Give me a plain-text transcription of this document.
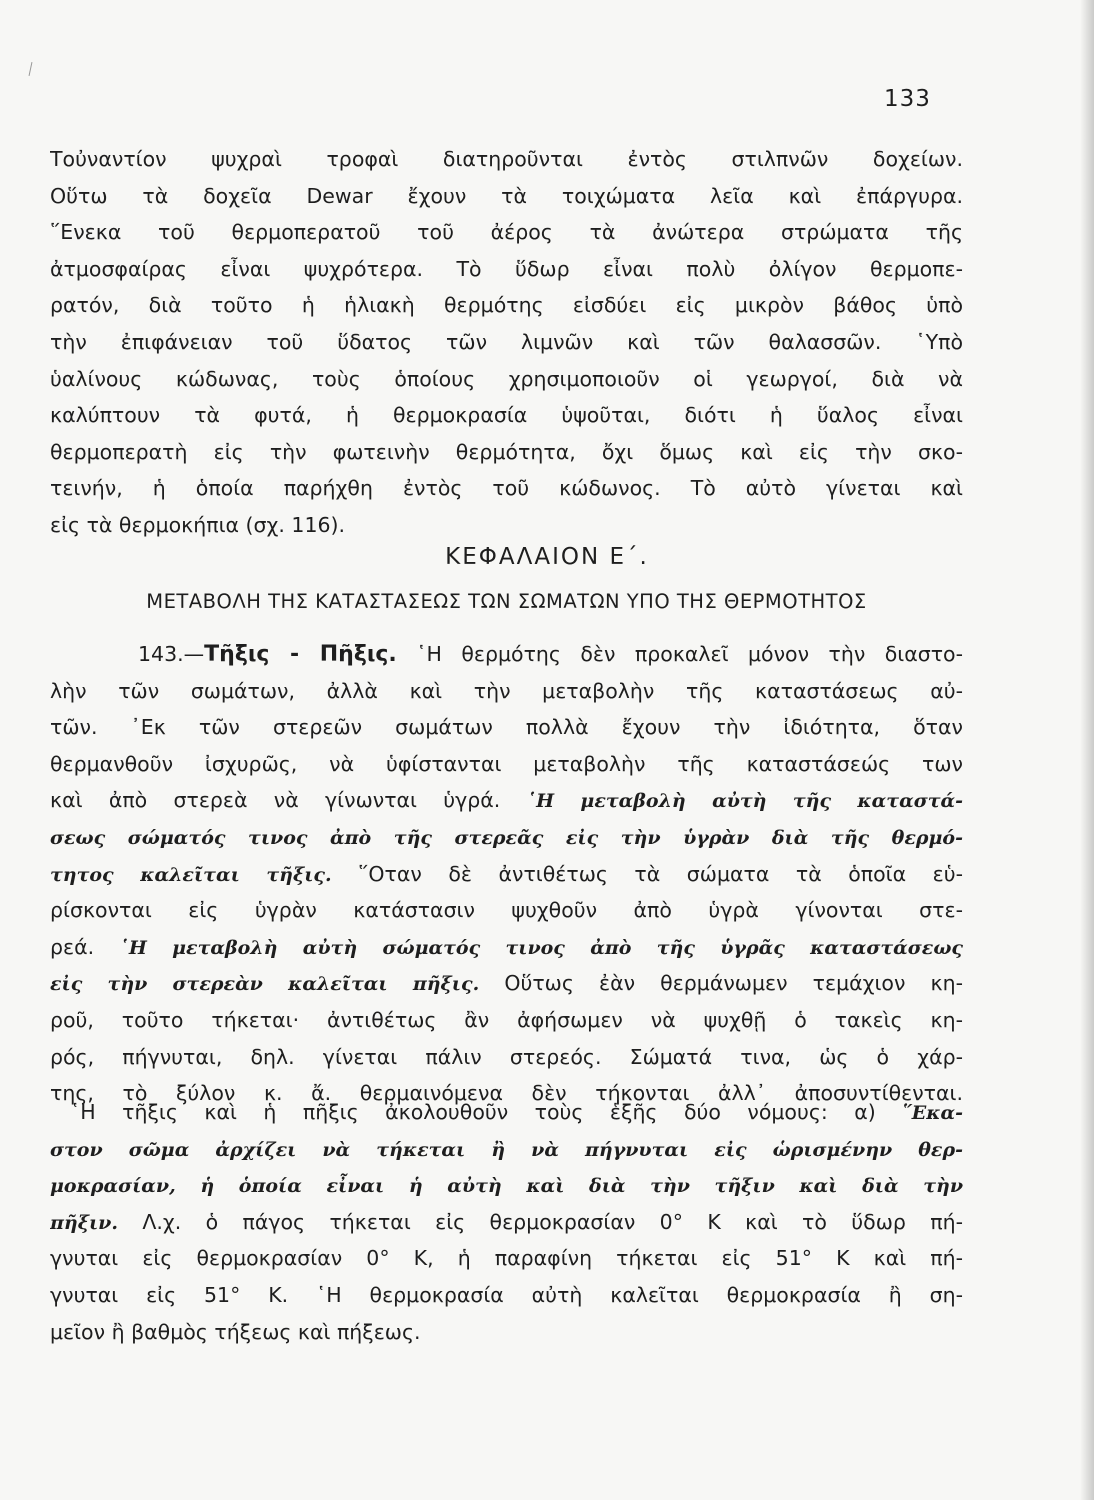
133
Τοὐναντίον ψυχραὶ τροφαὶ διατηροῦνται ἐντὸς στιλπνῶν δοχείων.
Οὕτω τὰ δοχεῖα Dewar ἔχουν τὰ τοιχώματα λεῖα καὶ ἐπάργυρα.
῞Ενεκα τοῦ θερμοπερατοῦ τοῦ ἀέρος τὰ ἀνώτερα στρώματα τῆς
ἀτμοσφαίρας εἶναι ψυχρότερα. Τὸ ὕδωρ εἶναι πολὺ ὀλίγον θερμοπε-
ρατόν, διὰ τοῦτο ἡ ἡλιακὴ θερμότης εἰσδύει εἰς μικρὸν βάθος ὑπὸ
τὴν ἐπιφάνειαν τοῦ ὕδατος τῶν λιμνῶν καὶ τῶν θαλασσῶν. ῾Υπὸ
ὑαλίνους κώδωνας, τοὺς ὁποίους χρησιμοποιοῦν οἱ γεωργοί, διὰ νὰ
καλύπτουν τὰ φυτά, ἡ θερμοκρασία ὑψοῦται, διότι ἡ ὕαλος εἶναι
θερμοπερατὴ εἰς τὴν φωτεινὴν θερμότητα, ὄχι ὅμως καὶ εἰς τὴν σκο-
τεινήν, ἡ ὁποία παρήχθη ἐντὸς τοῦ κώδωνος. Τὸ αὐτὸ γίνεται καὶ
εἰς τὰ θερμοκήπια (σχ. 116).
ΚΕΦΑΛΑΙΟΝ Ε΄.
ΜΕΤΑΒΟΛΗ ΤΗΣ ΚΑΤΑΣΤΑΣΕΩΣ ΤΩΝ ΣΩΜΑΤΩΝ ΥΠΟ ΤΗΣ ΘΕΡΜΟΤΗΤΟΣ
143.—Τῆξις - Πῆξις. ῾Η θερμότης δὲν προκαλεῖ μόνον τὴν διαστο-
λὴν τῶν σωμάτων, ἀλλὰ καὶ τὴν μεταβολὴν τῆς καταστάσεως αὐ-
τῶν. ᾿Εκ τῶν στερεῶν σωμάτων πολλὰ ἔχουν τὴν ἰδιότητα, ὅταν
θερμανθοῦν ἰσχυρῶς, νὰ ὑφίστανται μεταβολὴν τῆς καταστάσεώς των
καὶ ἀπὸ στερεὰ νὰ γίνωνται ὑγρά. ῾Η μεταβολὴ αὐτὴ τῆς καταστά-
σεως σώματός τινος ἀπὸ τῆς στερεᾶς εἰς τὴν ὑγρὰν διὰ τῆς θερμό-
τητος καλεῖται τῆξις. ῞Οταν δὲ ἀντιθέτως τὰ σώματα τὰ ὁποῖα εὑ-
ρίσκονται εἰς ὑγρὰν κατάστασιν ψυχθοῦν ἀπὸ ὑγρὰ γίνονται στε-
ρεά. ῾Η μεταβολὴ αὐτὴ σώματός τινος ἀπὸ τῆς ὑγρᾶς καταστάσεως
εἰς τὴν στερεὰν καλεῖται πῆξις. Οὕτως ἐὰν θερμάνωμεν τεμάχιον κη-
ροῦ, τοῦτο τήκεται· ἀντιθέτως ἂν ἀφήσωμεν νὰ ψυχθῇ ὁ τακεὶς κη-
ρός, πήγνυται, δηλ. γίνεται πάλιν στερεός. Σώματά τινα, ὡς ὁ χάρ-
της, τὸ ξύλον κ. ἄ. θερμαινόμενα δὲν τήκονται ἀλλ᾿ ἀποσυντίθενται.
῾Η τῆξις καὶ ἡ πῆξις ἀκολουθοῦν τοὺς ἑξῆς δύο νόμους: α) ῞Εκα-
στον σῶμα ἀρχίζει νὰ τήκεται ἢ νὰ πήγνυται εἰς ὡρισμένην θερ-
μοκρασίαν, ἡ ὁποία εἶναι ἡ αὐτὴ καὶ διὰ τὴν τῆξιν καὶ διὰ τὴν
πῆξιν. Λ.χ. ὁ πάγος τήκεται εἰς θερμοκρασίαν 0° Κ καὶ τὸ ὕδωρ πή-
γνυται εἰς θερμοκρασίαν 0° Κ, ἡ παραφίνη τήκεται εἰς 51° Κ καὶ πή-
γνυται εἰς 51° Κ. ῾Η θερμοκρασία αὐτὴ καλεῖται θερμοκρασία ἢ ση-
μεῖον ἢ βαθμὸς τήξεως καὶ πήξεως.
